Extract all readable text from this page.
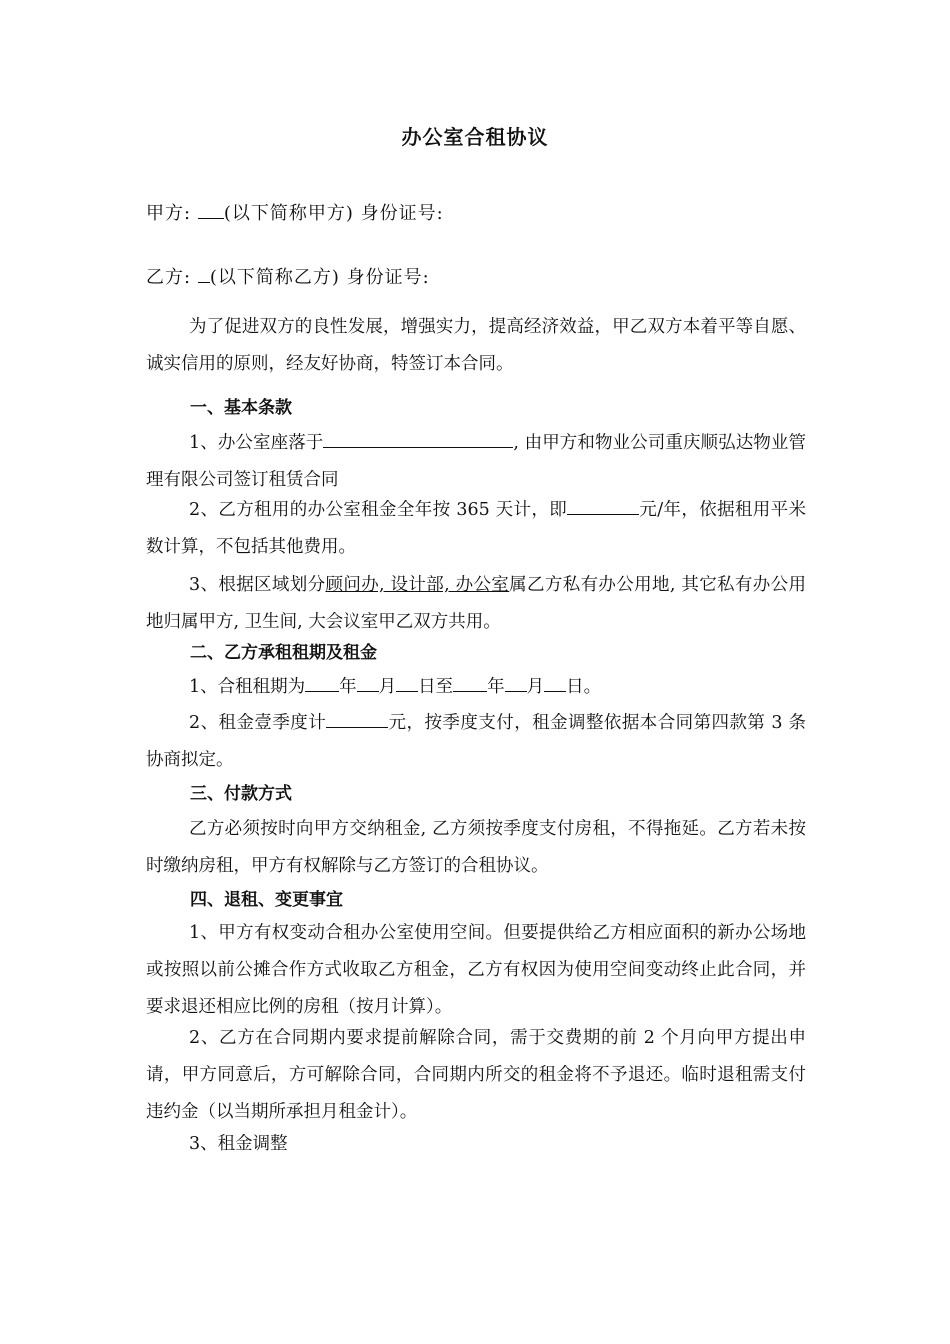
办公室合租协议
甲方: (以下简称甲方) 身份证号:
乙方: (以下简称乙方) 身份证号:
为了促进双方的良性发展，增强实力，提高经济效益，甲乙双方本着平等自愿、诚实信用的原则，经友好协商，特签订本合同。
一、基本条款
1、办公室座落于	, 由甲方和物业公司重庆顺弘达物业管理有限公司签订租赁合同
2、乙方租用的办公室租金全年按 365 天计，即	元/年，依据租用平米数计算，不包括其他费用。
3、根据区域划分顾问办, 设计部, 办公室属乙方私有办公用地, 其它私有办公用地归属甲方, 卫生间, 大会议室甲乙双方共用。
二、乙方承租租期及租金
1、合租租期为 年 月 日至 年 月 日。
2、租金壹季度计	元，按季度支付，租金调整依据本合同第四款第 3 条协商拟定。
三、付款方式
乙方必须按时向甲方交纳租金, 乙方须按季度支付房租，不得拖延。乙方若未按时缴纳房租，甲方有权解除与乙方签订的合租协议。
四、退租、变更事宜
1、甲方有权变动合租办公室使用空间。但要提供给乙方相应面积的新办公场地或按照以前公摊合作方式收取乙方租金，乙方有权因为使用空间变动终止此合同，并要求退还相应比例的房租（按月计算）。
2、乙方在合同期内要求提前解除合同，需于交费期的前 2 个月向甲方提出申请，甲方同意后，方可解除合同，合同期内所交的租金将不予退还。临时退租需支付违约金（以当期所承担月租金计）。
3、租金调整
